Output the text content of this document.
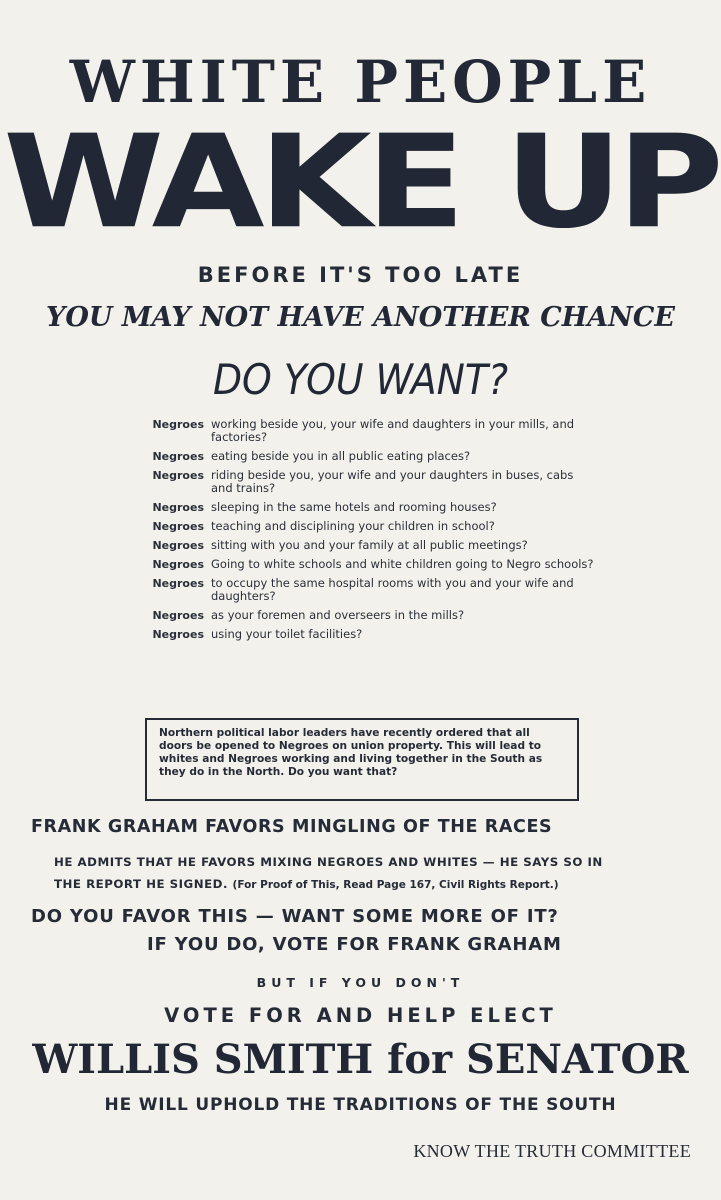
WHITE PEOPLE
WAKE UP
BEFORE IT'S TOO LATE
YOU MAY NOT HAVE ANOTHER CHANCE
DO YOU WANT?
Negroes working beside you, your wife and daughters in your mills, and factories?
Negroes eating beside you in all public eating places?
Negroes riding beside you, your wife and your daughters in buses, cabs and trains?
Negroes sleeping in the same hotels and rooming houses?
Negroes teaching and disciplining your children in school?
Negroes sitting with you and your family at all public meetings?
Negroes Going to white schools and white children going to Negro schools?
Negroes to occupy the same hospital rooms with you and your wife and daughters?
Negroes as your foremen and overseers in the mills?
Negroes using your toilet facilities?
Northern political labor leaders have recently ordered that all doors be opened to Negroes on union property. This will lead to whites and Negroes working and living together in the South as they do in the North. Do you want that?
FRANK GRAHAM FAVORS MINGLING OF THE RACES
HE ADMITS THAT HE FAVORS MIXING NEGROES AND WHITES — HE SAYS SO IN
THE REPORT HE SIGNED. (For Proof of This, Read Page 167, Civil Rights Report.)
DO YOU FAVOR THIS — WANT SOME MORE OF IT?
IF YOU DO, VOTE FOR FRANK GRAHAM
BUT IF YOU DON'T
VOTE FOR AND HELP ELECT
WILLIS SMITH for SENATOR
HE WILL UPHOLD THE TRADITIONS OF THE SOUTH
KNOW THE TRUTH COMMITTEE
